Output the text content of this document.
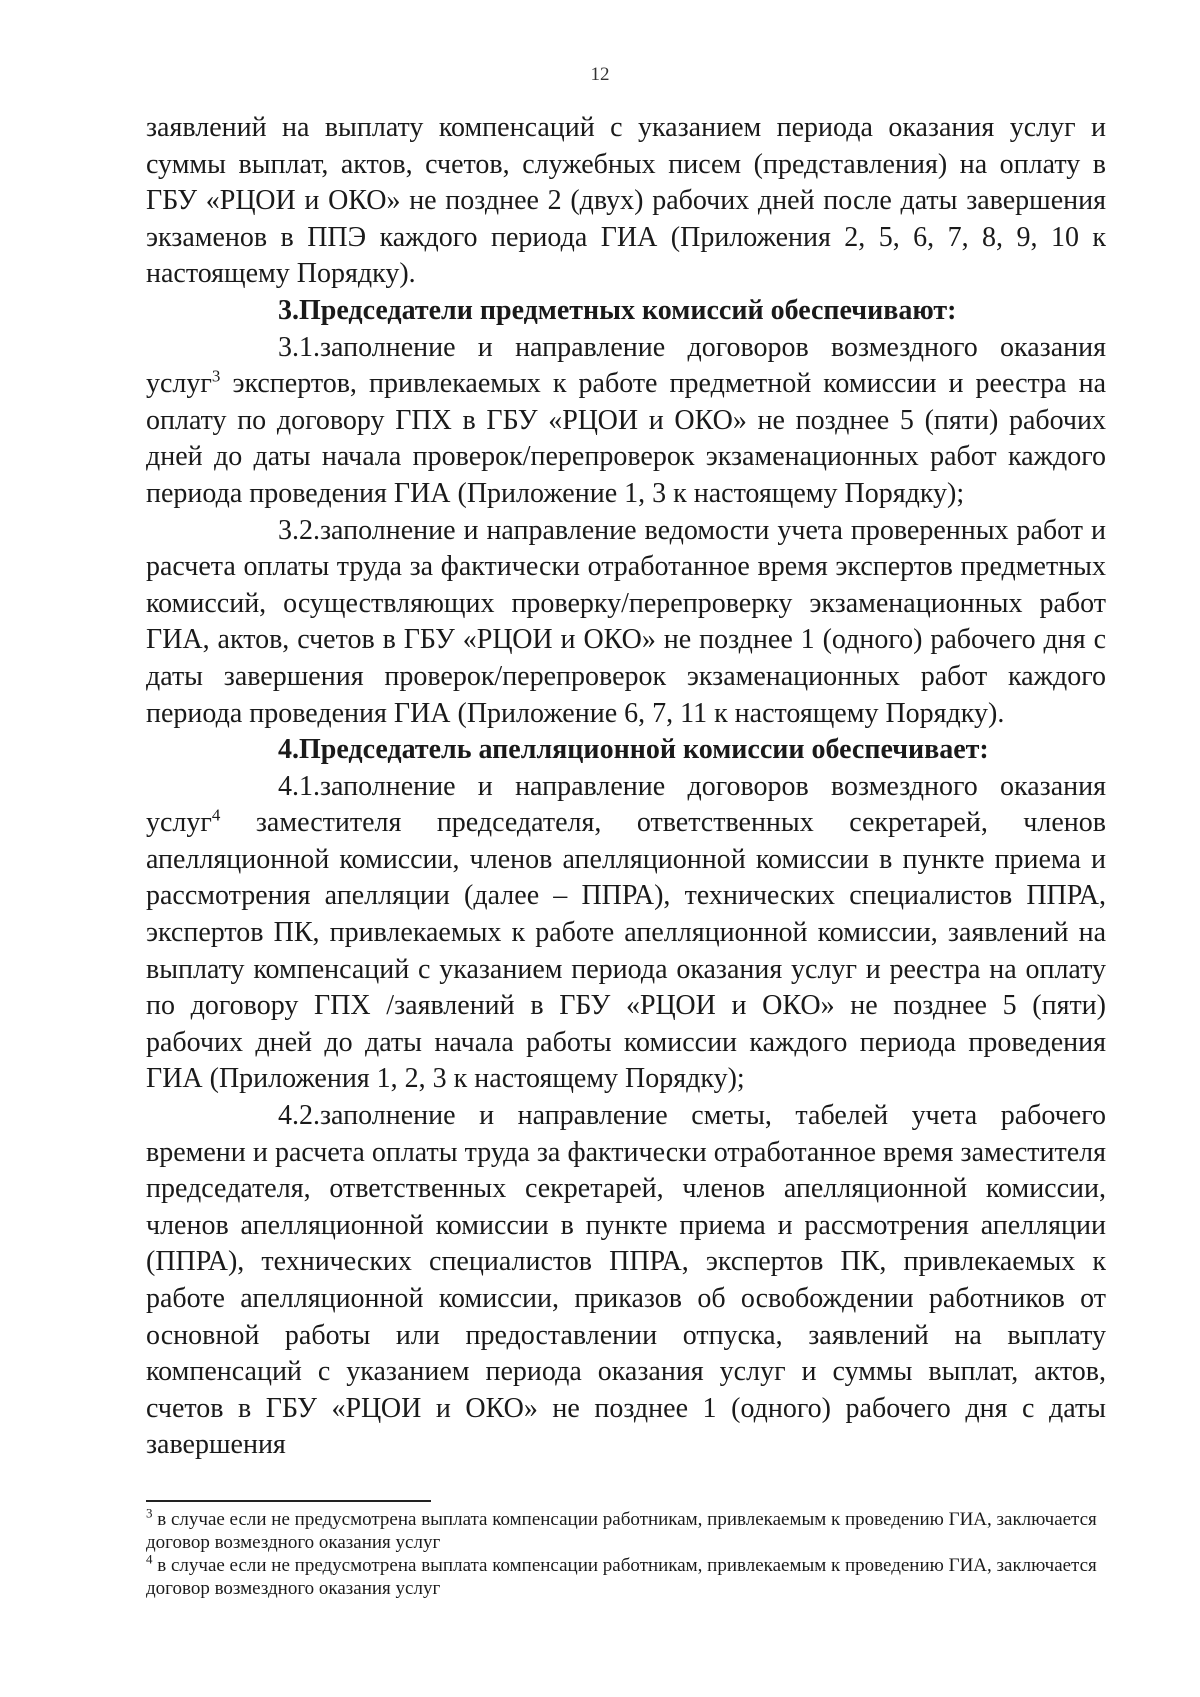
12

заявлений на выплату компенсаций с указанием периода оказания услуг и суммы выплат, актов, счетов, служебных писем (представления) на оплату в ГБУ «РЦОИ и ОКО» не позднее 2 (двух) рабочих дней после даты завершения экзаменов в ППЭ каждого периода ГИА (Приложения 2, 5, 6, 7, 8, 9, 10 к настоящему Порядку).

3.Председатели предметных комиссий обеспечивают:

3.1.заполнение и направление договоров возмездного оказания услуг$^3$ экспертов, привлекаемых к работе предметной комиссии и реестра на оплату по договору ГПХ в ГБУ «РЦОИ и ОКО» не позднее 5 (пяти) рабочих дней до даты начала проверок/перепроверок экзаменационных работ каждого периода проведения ГИА (Приложение 1, 3 к настоящему Порядку);

3.2.заполнение и направление ведомости учета проверенных работ и расчета оплаты труда за фактически отработанное время экспертов предметных комиссий, осуществляющих проверку/перепроверку экзаменационных работ ГИА, актов, счетов в ГБУ «РЦОИ и ОКО» не позднее 1 (одного) рабочего дня с даты завершения проверок/перепроверок экзаменационных работ каждого периода проведения ГИА (Приложение 6, 7, 11 к настоящему Порядку).

4.Председатель апелляционной комиссии обеспечивает:

4.1.заполнение и направление договоров возмездного оказания услуг$^4$ заместителя председателя, ответственных секретарей, членов апелляционной комиссии, членов апелляционной комиссии в пункте приема и рассмотрения апелляции (далее – ППРА), технических специалистов ППРА, экспертов ПК, привлекаемых к работе апелляционной комиссии, заявлений на выплату компенсаций с указанием периода оказания услуг и реестра на оплату по договору ГПХ /заявлений в ГБУ «РЦОИ и ОКО» не позднее 5 (пяти) рабочих дней до даты начала работы комиссии каждого периода проведения ГИА (Приложения 1, 2, 3 к настоящему Порядку);

4.2.заполнение и направление сметы, табелей учета рабочего времени и расчета оплаты труда за фактически отработанное время заместителя председателя, ответственных секретарей, членов апелляционной комиссии, членов апелляционной комиссии в пункте приема и рассмотрения апелляции (ППРА), технических специалистов ППРА, экспертов ПК, привлекаемых к работе апелляционной комиссии, приказов об освобождении работников от основной работы или предоставлении отпуска, заявлений на выплату компенсаций с указанием периода оказания услуг и суммы выплат, актов, счетов в ГБУ «РЦОИ и ОКО» не позднее 1 (одного) рабочего дня с даты завершения

$^3$ в случае если не предусмотрена выплата компенсации работникам, привлекаемым к проведению ГИА, заключается договор возмездного оказания услуг

$^4$ в случае если не предусмотрена выплата компенсации работникам, привлекаемым к проведению ГИА, заключается договор возмездного оказания услуг
